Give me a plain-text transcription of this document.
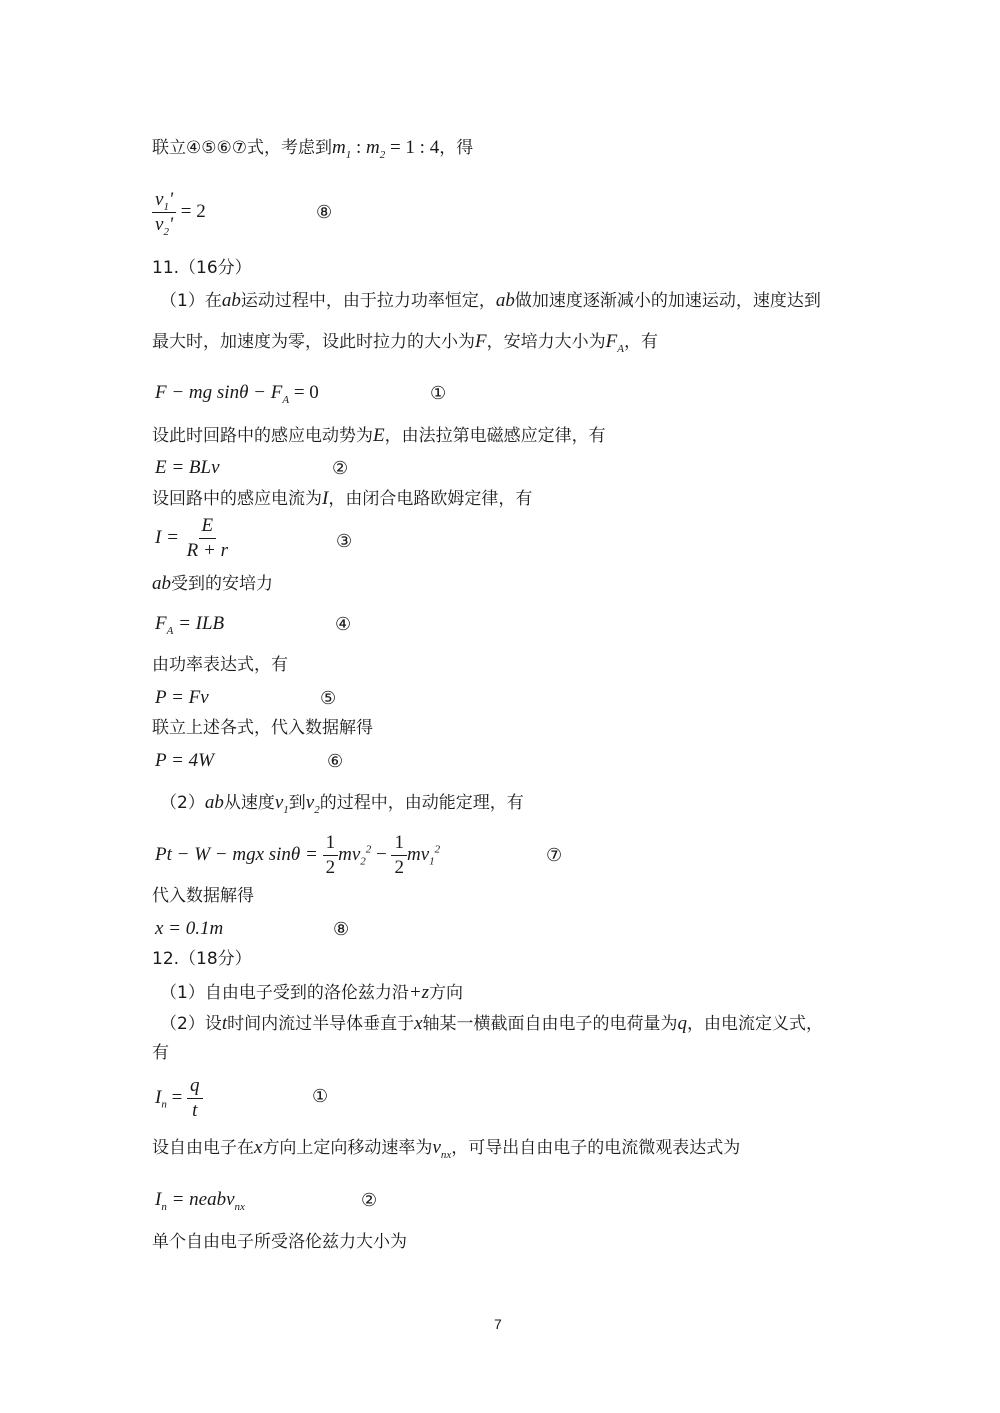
联立④⑤⑥⑦式，考虑到$m_1$ : $m_2 = 1$ : 4，得
$\frac{v_1'}{v_2'} = 2$	⑧
11.（16分）
（1）在ab运动过程中，由于拉力功率恒定，ab做加速度逐渐减小的加速运动，速度达到
最大时，加速度为零，设此时拉力的大小为F，安培力大小为$F_A$，有
F − mg $\sin\theta - F_A = 0$	①
设此时回路中的感应电动势为E，由法拉第电磁感应定律，有
E = BLv	②
设回路中的感应电流为I，由闭合电路欧姆定律，有
$I = \frac{E}{R + r}$	③
ab受到的安培力
$F_A$ = ILB	④
由功率表达式，有
P = Fv	⑤
联立上述各式，代入数据解得
P = 4W	⑥
（2）ab从速度$v_1$到$v_2$的过程中，由动能定理，有
Pt − W − mgx $\sin\theta = \frac{1}{2} mv_2^2 - \frac{1}{2} mv_1^2$	⑦
代入数据解得
x = 0.1m	⑧
12.（18分）
（1）自由电子受到的洛伦兹力沿+z方向
（2）设t时间内流过半导体垂直于x轴某一横截面自由电子的电荷量为q，由电流定义式，
有
$I_n = \frac{q}{t}$	①
设自由电子在x方向上定向移动速率为$v_{nx}$，可导出自由电子的电流微观表达式为
$I_n$ = neabv$_{nx}$	②
单个自由电子所受洛伦兹力大小为
7
